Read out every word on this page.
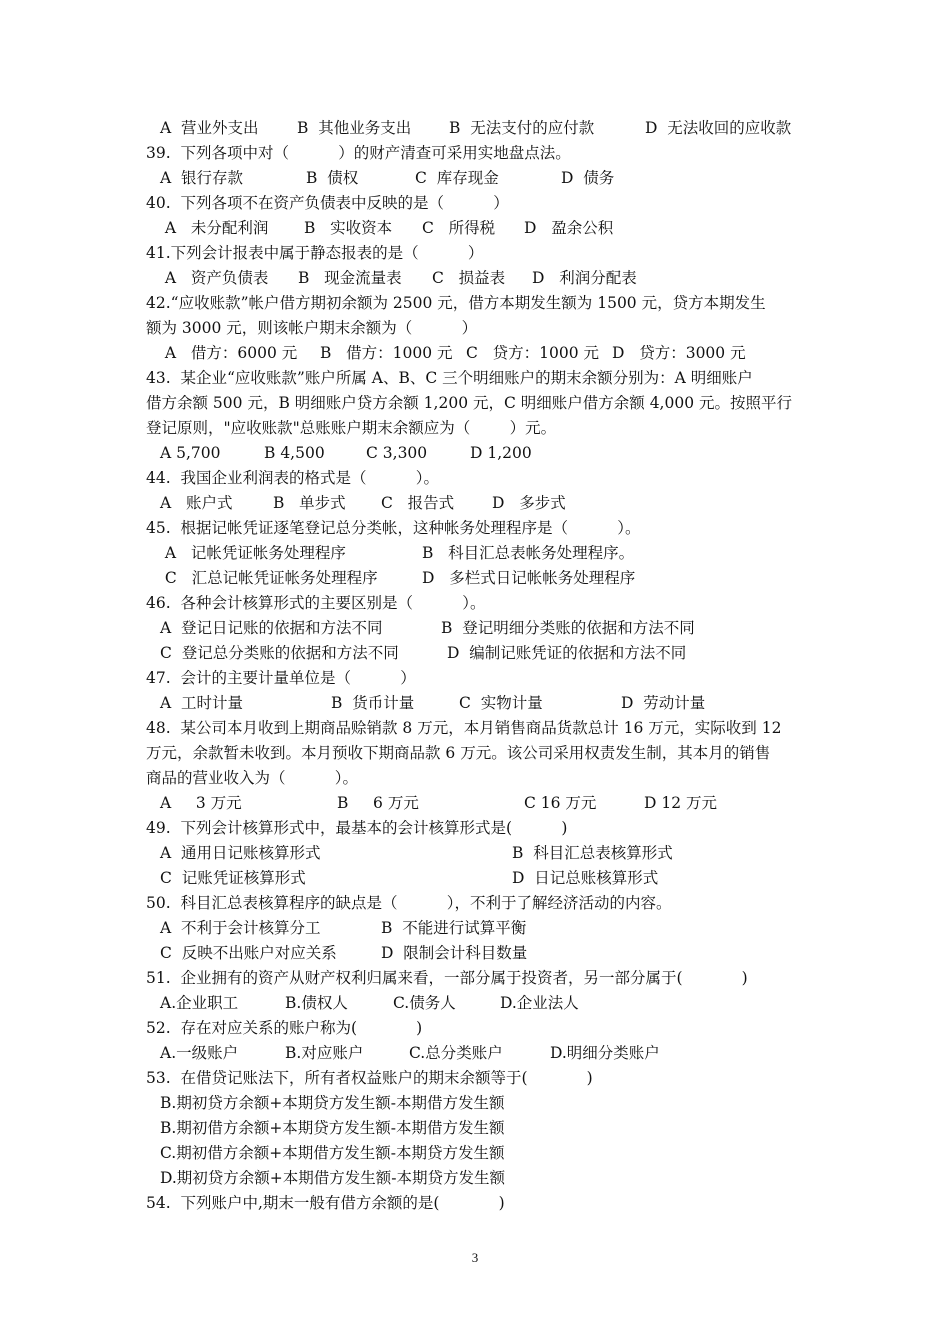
3
A  营业外支出 B  其他业务支出 B  无法支付的应付款	D  无法收回的应收款
39.  下列各项中对（          ）的财产清查可采用实地盘点法。
A  银行存款	B  债权	C  库存现金	D  债务
40.  下列各项不在资产负债表中反映的是（          ）
A   未分配利润 B   实收资本 C   所得税 D   盈余公积
41.下列会计报表中属于静态报表的是（          ）
A   资产负债表 B   现金流量表 C   损益表 D   利润分配表
42.“应收账款”帐户借方期初余额为 2500 元，借方本期发生额为 1500 元，贷方本期发生
额为 3000 元，则该帐户期末余额为（          ）
A   借方：6000 元 B   借方：1000 元 C   贷方：1000 元 D   贷方：3000 元
43.  某企业“应收账款”账户所属 A、B、C 三个明细账户的期末余额分别为：A 明细账户
借方余额 500 元，B 明细账户贷方余额 1,200 元，C 明细账户借方余额 4,000 元。按照平行
登记原则，"应收账款"总账账户期末余额应为（        ）元。
A 5,700	B 4,500	C 3,300	D 1,200
44.  我国企业利润表的格式是（          ）。
A   账户式	B   单步式 C   报告式 D   多步式
45.  根据记帐凭证逐笔登记总分类帐，这种帐务处理程序是（          ）。
A   记帐凭证帐务处理程序	B   科目汇总表帐务处理程序。
C   汇总记帐凭证帐务处理程序	D   多栏式日记帐帐务处理程序
46.  各种会计核算形式的主要区别是（          ）。
A  登记日记账的依据和方法不同	B  登记明细分类账的依据和方法不同
C  登记总分类账的依据和方法不同	D  编制记账凭证的依据和方法不同
47.  会计的主要计量单位是（          ）
A  工时计量	B  货币计量	C  实物计量	D  劳动计量
48.  某公司本月收到上期商品赊销款 8 万元，本月销售商品货款总计 16 万元，实际收到 12
万元，余款暂未收到。本月预收下期商品款 6 万元。该公司采用权责发生制，其本月的销售
商品的营业收入为（          ）。
A     3 万元	B     6 万元	C 16 万元	D 12 万元
49.  下列会计核算形式中，最基本的会计核算形式是(          )
A  通用日记账核算形式	B  科目汇总表核算形式
C  记账凭证核算形式	D  日记总账核算形式
50.  科目汇总表核算程序的缺点是（          ），不利于了解经济活动的内容。
A  不利于会计核算分工	B  不能进行试算平衡
C  反映不出账户对应关系	D  限制会计科目数量
51.  企业拥有的资产从财产权利归属来看，一部分属于投资者，另一部分属于(            )
A.企业职工	B.债权人	C.债务人	D.企业法人
52.  存在对应关系的账户称为(            )
A.一级账户	B.对应账户	C.总分类账户	D.明细分类账户
53.  在借贷记账法下，所有者权益账户的期末余额等于(            )
B.期初贷方余额+本期贷方发生额-本期借方发生额
B.期初借方余额+本期贷方发生额-本期借方发生额
C.期初借方余额+本期借方发生额-本期贷方发生额
D.期初贷方余额+本期借方发生额-本期贷方发生额
54.  下列账户中,期末一般有借方余额的是(            )
